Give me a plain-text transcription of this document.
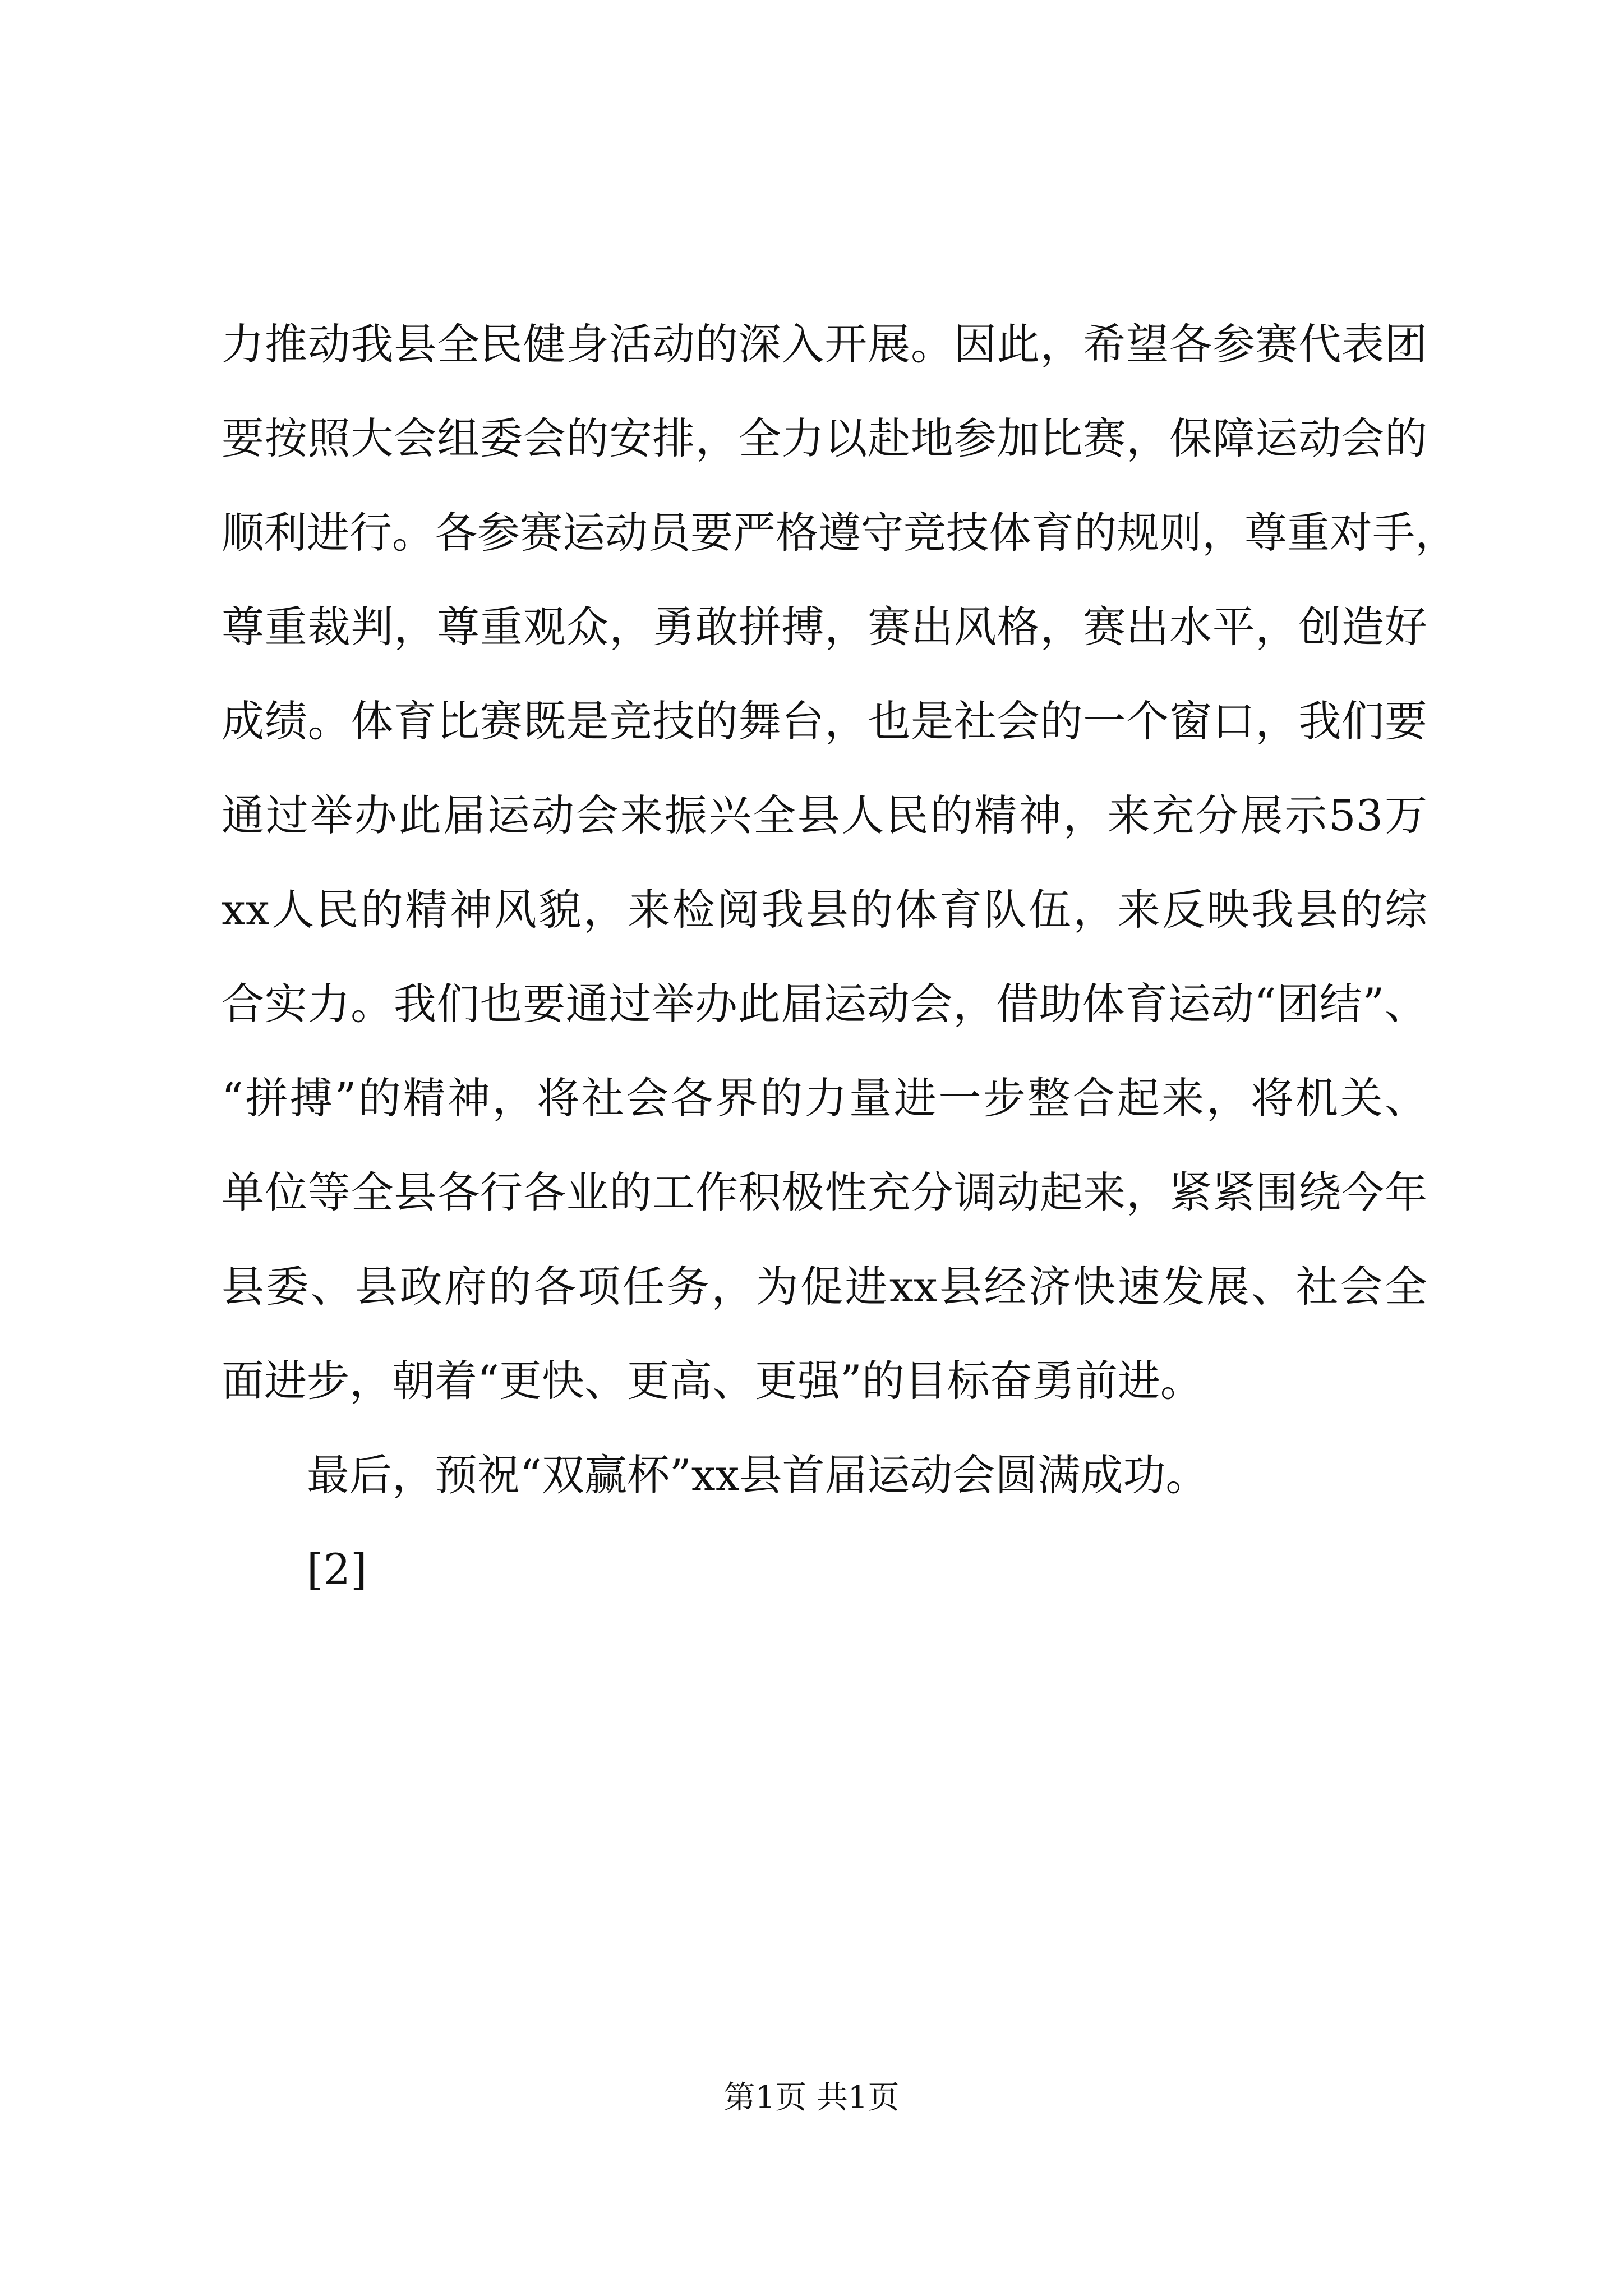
力推动我县全民健身活动的深入开展。因此，希望各参赛代表团
要按照大会组委会的安排，全力以赴地参加比赛，保障运动会的
顺利进行。各参赛运动员要严格遵守竞技体育的规则，尊重对手，
尊重裁判，尊重观众，勇敢拼搏，赛出风格，赛出水平，创造好
成绩。体育比赛既是竞技的舞台，也是社会的一个窗口，我们要
通过举办此届运动会来振兴全县人民的精神，来充分展示53万
xx人民的精神风貌，来检阅我县的体育队伍，来反映我县的综
合实力。我们也要通过举办此届运动会，借助体育运动“团结”、
“拼搏”的精神，将社会各界的力量进一步整合起来，将机关、
单位等全县各行各业的工作积极性充分调动起来，紧紧围绕今年
县委、县政府的各项任务，为促进xx县经济快速发展、社会全
面进步，朝着“更快、更高、更强”的目标奋勇前进。
最后，预祝“双赢杯”xx县首届运动会圆满成功。
[2]
第1页 共1页
